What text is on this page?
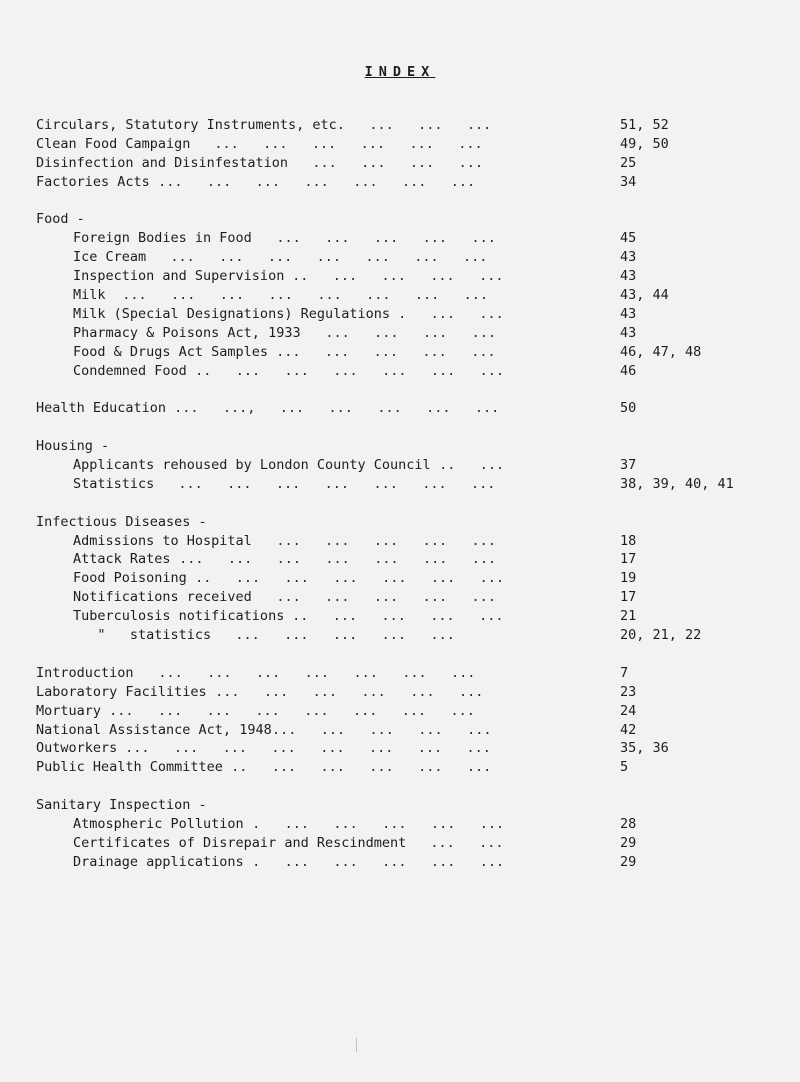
INDEX
Circulars, Statutory Instruments, etc. ...   ...   ...	51, 52
Clean Food Campaign ...   ...   ...   ...   ...   ...	49, 50
Disinfection and Disinfestation ...   ...   ...   ...	25
Factories Acts ...   ...   ...   ...   ...   ...   ...	34
Food -
Foreign Bodies in Food ...   ...   ...   ...   ...	45
Ice Cream ...   ...   ...   ...   ...   ...   ...	43
Inspection and Supervision ..   ...   ...   ...   ...	43
Milk ...   ...   ...   ...   ...   ...   ...   ...	43, 44
Milk (Special Designations) Regulations .   ...   ...	43
Pharmacy & Poisons Act, 1933 ...   ...   ...   ...	43
Food & Drugs Act Samples ...   ...   ...   ...   ...	46, 47, 48
Condemned Food ..   ...   ...   ...   ...   ...   ...	46
Health Education ...   ...,   ...   ...   ...   ...   ...	50
Housing -
Applicants rehoused by London County Council ..   ...	37
Statistics ...   ...   ...   ...   ...   ...   ...	38, 39, 40, 41
Infectious Diseases -
Admissions to Hospital ...   ...   ...   ...   ...	18
Attack Rates ...   ...   ...   ...   ...   ...   ...	17
Food Poisoning ..   ...   ...   ...   ...   ...   ...	19
Notifications received ...   ...   ...   ...   ...	17
Tuberculosis notifications ..   ...   ...   ...   ...	21
"   statistics ...   ...   ...   ...   ...	20, 21, 22
Introduction ...   ...   ...   ...   ...   ...   ...	7
Laboratory Facilities ...   ...   ...   ...   ...   ...	23
Mortuary ...   ...   ...   ...   ...   ...   ...   ...	24
National Assistance Act, 1948 ...   ...   ...   ...   ...	42
Outworkers ...   ...   ...   ...   ...   ...   ...   ...	35, 36
Public Health Committee ..   ...   ...   ...   ...   ...	5
Sanitary Inspection -
Atmospheric Pollution .   ...   ...   ...   ...   ...	28
Certificates of Disrepair and Rescindment ...   ...	29
Drainage applications .   ...   ...   ...   ...   ...	29
